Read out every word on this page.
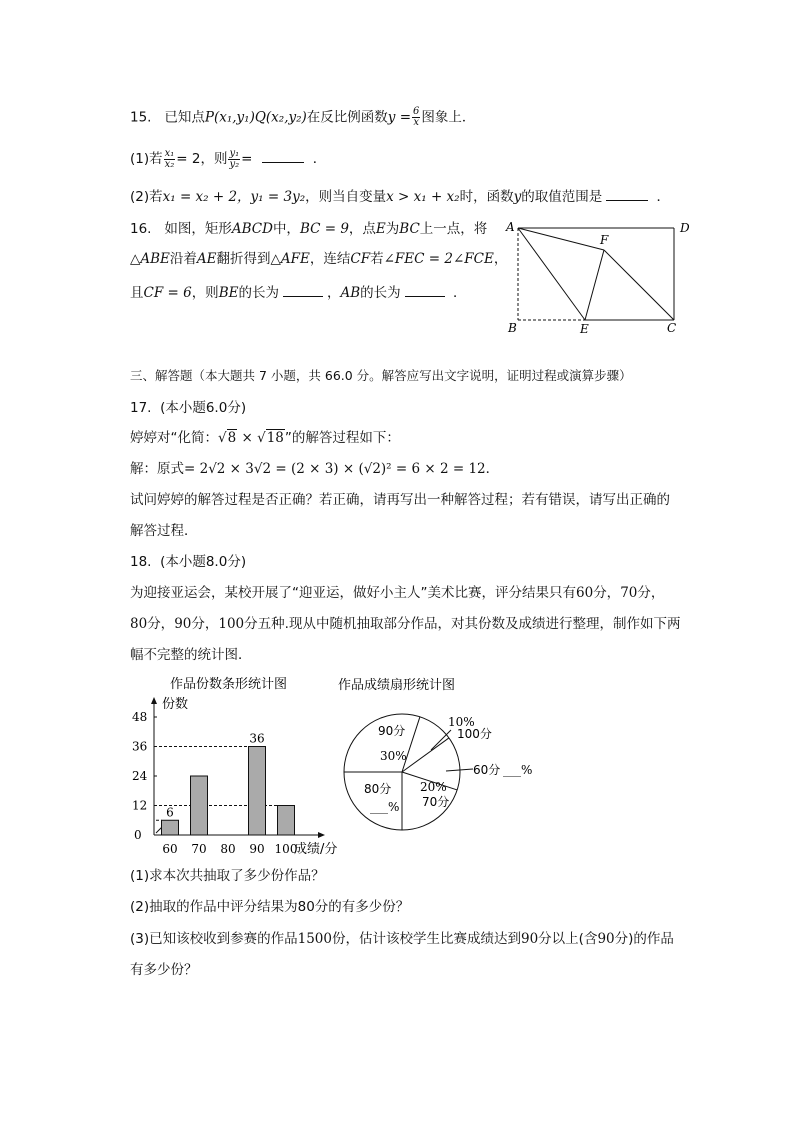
15. 已知点P(x₁,y₁)Q(x₂,y₂)在反比例函数$y = \frac{6}{x}$ 图象上．
(1)若 $\frac{\text{x₁}}{\text{x₂}} = 2$，则 $\frac{\text{y₁}}{\text{y₂}}$ =	．
(2)若x₁ = x₂ + 2，y₁ = 3y₂，则当自变量x > x₁ + x₂时，函数y的取值范围是	．
16. 如图，矩形ABCD中，BC = 9，点E为BC上一点，将
△ABE沿着AE翻折得到△AFE，连结CF若∠FEC = 2∠FCE，
且CF = 6，则BE的长为	，AB的长为	．
A	D
F
B	E	C
三、解答题（本大题共 7 小题，共 66.0 分。解答应写出文字说明，证明过程或演算步骤）
17. (本小题6.0分)
婷婷对“化简：√8 × √18”的解答过程如下：
解：原式= 2√2 × 3√2 = (2 × 3) × (√2)² = 6 × 2 = 12．
试问婷婷的解答过程是否正确？若正确，请再写出一种解答过程；若有错误，请写出正确的
解答过程．
18. (本小题8.0分)
为迎接亚运会，某校开展了“迎亚运，做好小主人”美术比赛，评分结果只有60分，70分，
80分，90分，100分五种.现从中随机抽取部分作品，对其份数及成绩进行整理，制作如下两
幅不完整的统计图．
作品份数条形统计图
份数
成绩/分
0
12
24
36
48
6
60 70 80
36
90 100
作品成绩扇形统计图
90分
30%
100分
10%
60分 ___%
70分
20%
80分
___%
(1)求本次共抽取了多少份作品？
(2)抽取的作品中评分结果为80分的有多少份？
(3)已知该校收到参赛的作品1500份，估计该校学生比赛成绩达到90分以上(含90分)的作品
有多少份？
